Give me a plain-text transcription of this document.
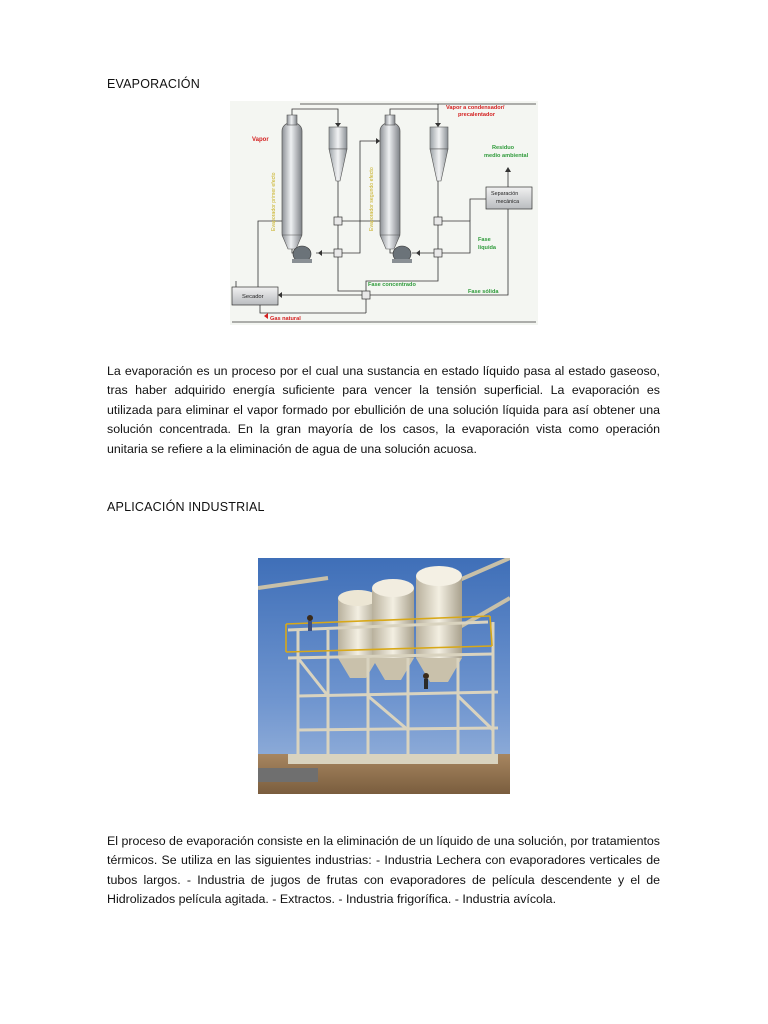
EVAPORACIÓN
Vapor
Vapor a condensador/
precalentador
Residuo
medio ambiental
Separación
mecánica
Evaporador primer efecto	Evaporador segundo efecto
Fase
líquida
Fase concentrado
Fase sólida
Secador
Gas natural
La evaporación es un proceso por el cual una sustancia en estado líquido pasa al estado gaseoso, tras haber adquirido energía suficiente para vencer la tensión superficial. La evaporación es utilizada para eliminar el vapor formado por ebullición de una solución líquida para así obtener una solución concentrada. En la gran mayoría de los casos, la evaporación vista como operación unitaria se refiere a la eliminación de agua de una solución acuosa.
APLICACIÓN INDUSTRIAL
El proceso de evaporación consiste en la eliminación de un líquido de una solución, por tratamientos térmicos. Se utiliza en las siguientes industrias: - Industria Lechera con evaporadores verticales de tubos largos. - Industria de jugos de frutas con evaporadores de película descendente y el de Hidrolizados película agitada. - Extractos. - Industria frigorífica. - Industria avícola.
